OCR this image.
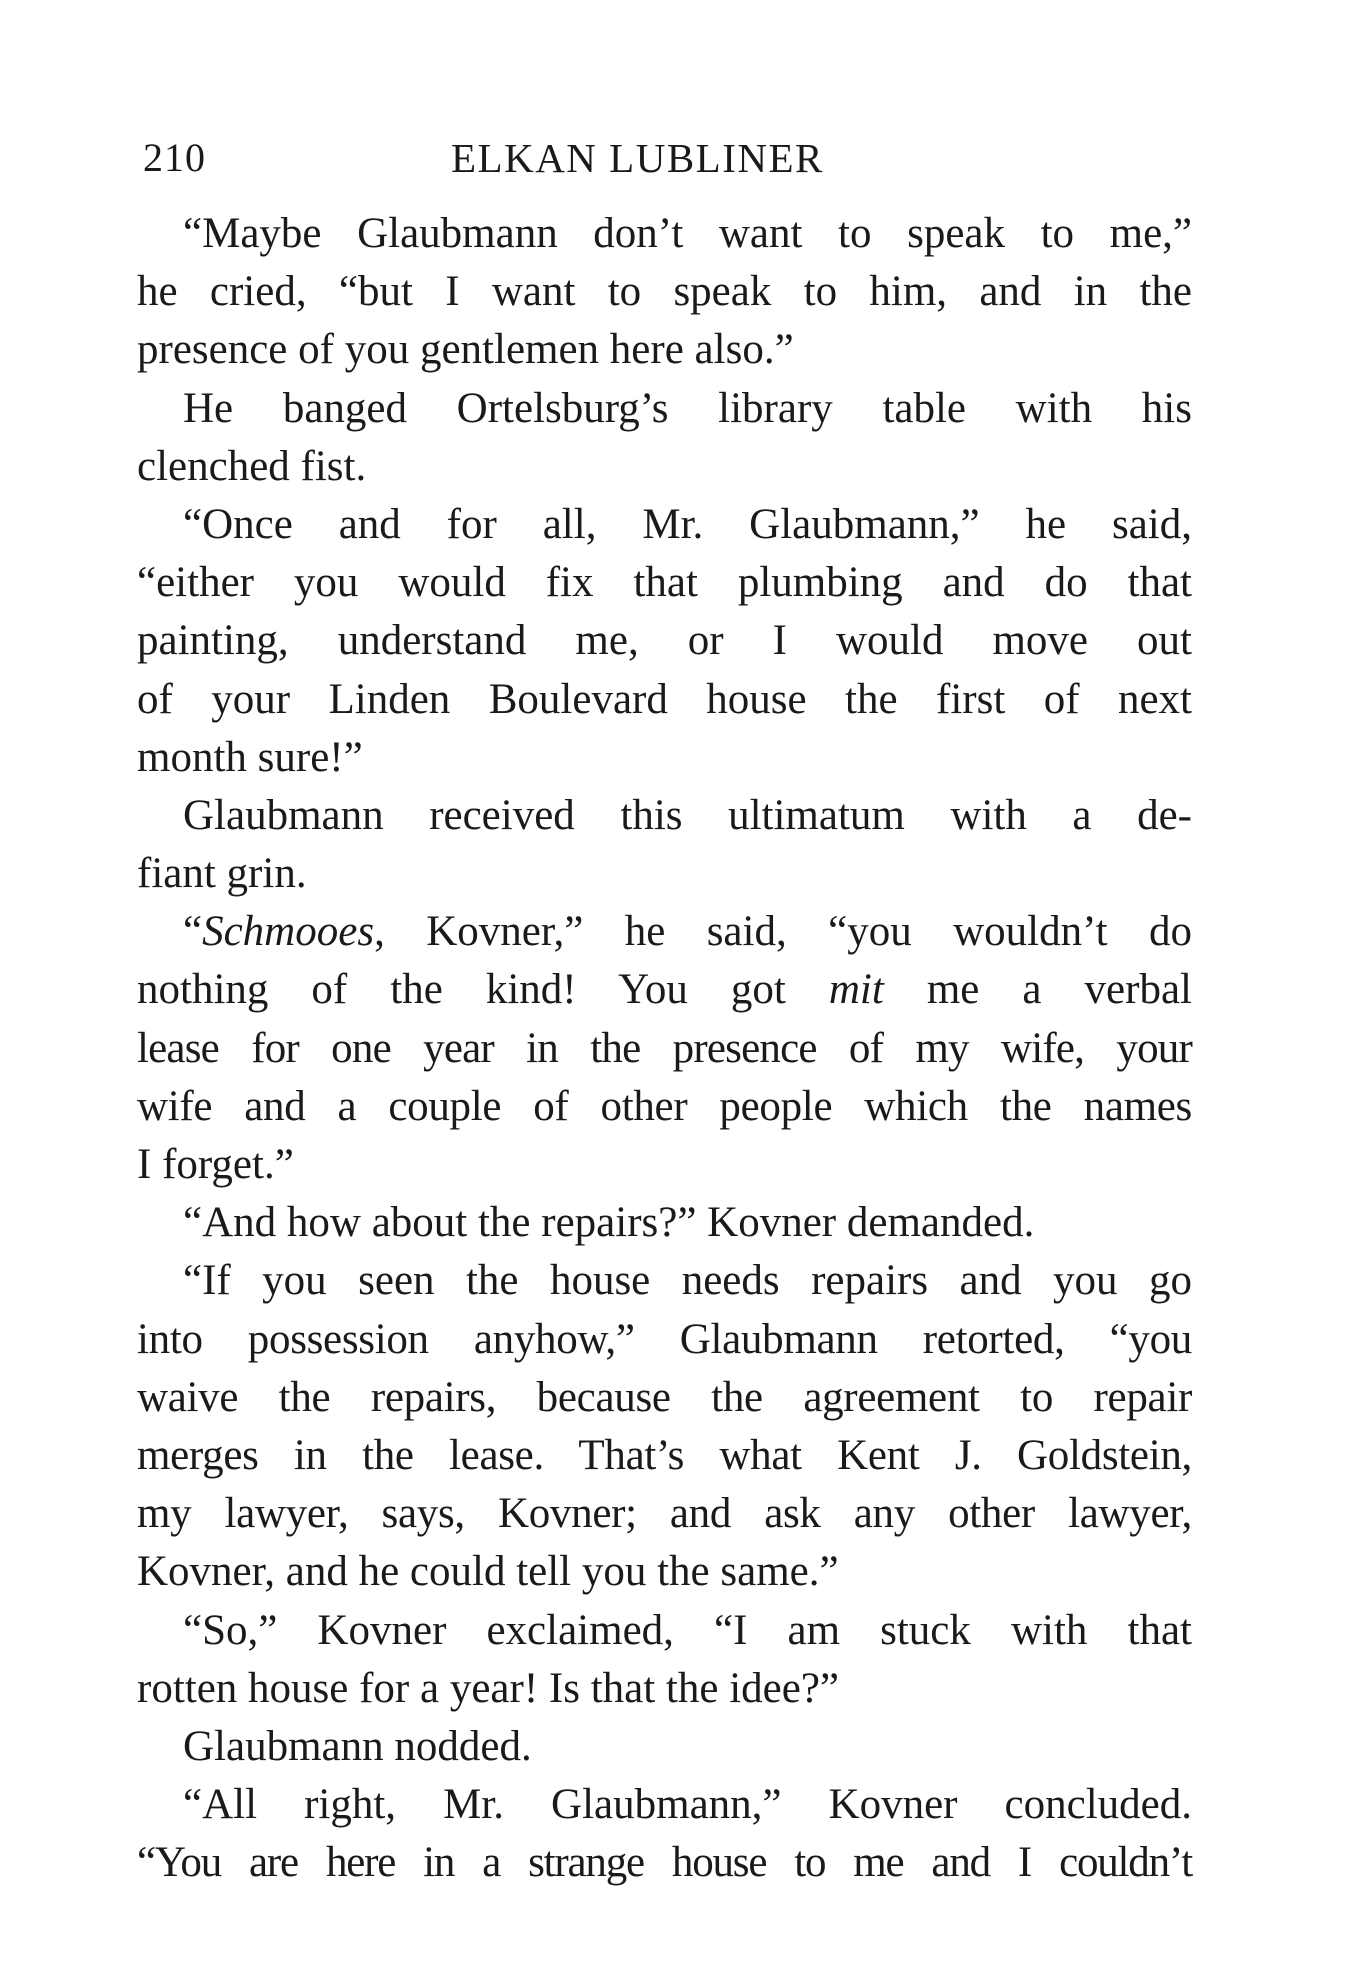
210	ELKAN LUBLINER
“Maybe Glaubmann don’t want to speak to me,”
he cried, “but I want to speak to him, and in the
presence of you gentlemen here also.”
He banged Ortelsburg’s library table with his
clenched fist.
“Once and for all, Mr. Glaubmann,” he said,
“either you would fix that plumbing and do that
painting, understand me, or I would move out
of your Linden Boulevard house the first of next
month sure!”
Glaubmann received this ultimatum with a de-
fiant grin.
“Schmooes, Kovner,” he said, “you wouldn’t do
nothing of the kind! You got mit me a verbal
lease for one year in the presence of my wife, your
wife and a couple of other people which the names
I forget.”
“And how about the repairs?” Kovner demanded.
“If you seen the house needs repairs and you go
into possession anyhow,” Glaubmann retorted, “you
waive the repairs, because the agreement to repair
merges in the lease. That’s what Kent J. Goldstein,
my lawyer, says, Kovner; and ask any other lawyer,
Kovner, and he could tell you the same.”
“So,” Kovner exclaimed, “I am stuck with that
rotten house for a year! Is that the idee?”
Glaubmann nodded.
“All right, Mr. Glaubmann,” Kovner concluded.
“You are here in a strange house to me and I couldn’t
